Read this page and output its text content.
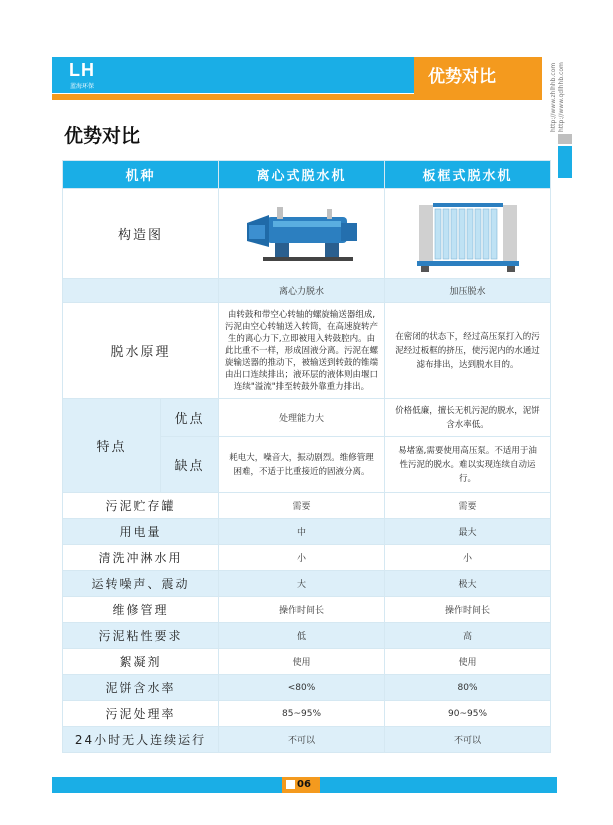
LH
蓝海环保	优势对比	http://www.zhlhhb.com http://www.qdlhhb.com
优势对比
机种		离心式脱水机	板框式脱水机
构造图		
		离心力脱水	加压脱水
脱水原理		由转鼓和带空心转轴的螺旋输送器组成,污泥由空心转轴送入转筒，在高速旋转产生的离心力下,立即被甩入转鼓腔内。由此比重不一样，形成固液分离。污泥在螺旋输送器的推动下，被输送到转鼓的锥端由出口连续排出；液环层的液体则由堰口连续"溢流"排至转鼓外靠重力排出。	在密闭的状态下，经过高压泵打入的污泥经过板框的挤压，使污泥内的水通过滤布排出，达到脱水目的。
特点	优点	处理能力大	价格低廉，擅长无机污泥的脱水，泥饼含水率低。
	缺点	耗电大，噪音大，振动剧烈。维修管理困难，不适于比重接近的固液分离。	易堵塞,需要使用高压泵。不适用于油性污泥的脱水。难以实现连续自动运行。
污泥贮存罐		需要	需要
用电量		中	最大
清洗冲淋水用		小	小
运转噪声、震动		大	极大
维修管理		操作时间长	操作时间长
污泥粘性要求		低	高
絮凝剂		使用	使用
泥饼含水率		<80%	80%
污泥处理率		85~95%	90~95%
24小时无人连续运行		不可以	不可以
06
